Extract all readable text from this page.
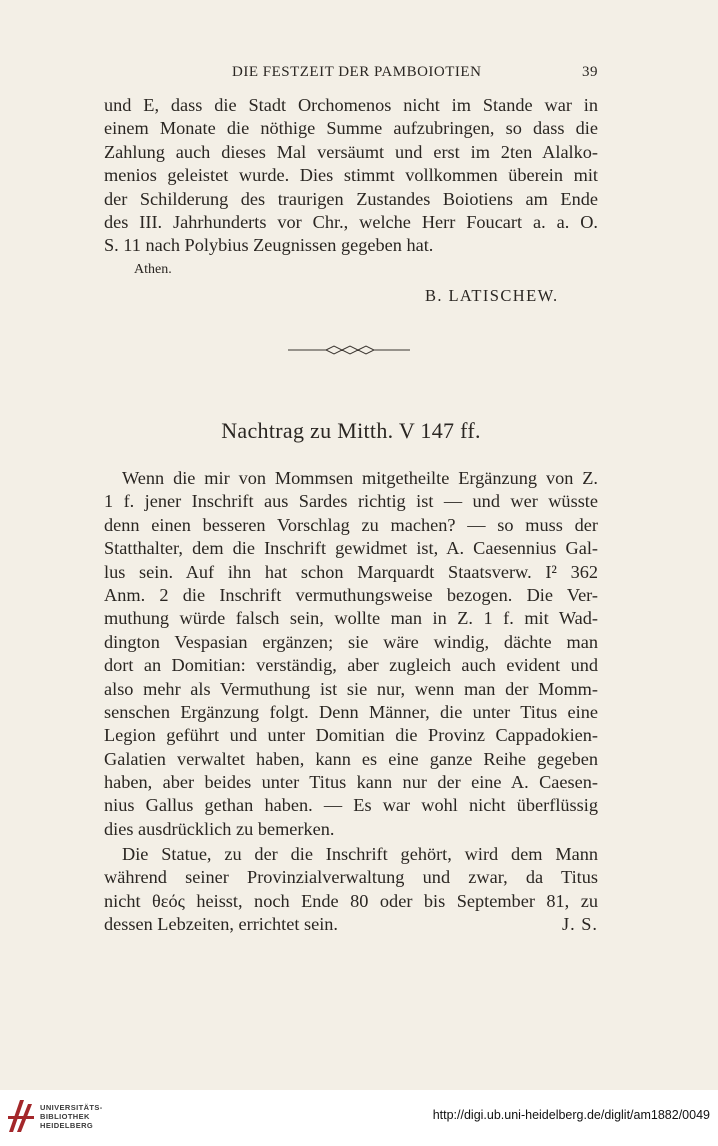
DIE FESTZEIT DER PAMBOIOTIEN	39
und E, dass die Stadt Orchomenos nicht im Stande war in
einem Monate die nöthige Summe aufzubringen, so dass die
Zahlung auch dieses Mal versäumt und erst im 2ten Alalko-
menios geleistet wurde. Dies stimmt vollkommen überein mit
der Schilderung des traurigen Zustandes Boiotiens am Ende
des III. Jahrhunderts vor Chr., welche Herr Foucart a. a. O.
S. 11 nach Polybius Zeugnissen gegeben hat.
Athen.
B. LATISCHEW.
Nachtrag zu Mitth. V 147 ff.
Wenn die mir von Mommsen mitgetheilte Ergänzung von Z.
1 f. jener Inschrift aus Sardes richtig ist — und wer wüsste
denn einen besseren Vorschlag zu machen? — so muss der
Statthalter, dem die Inschrift gewidmet ist, A. Caesennius Gal-
lus sein. Auf ihn hat schon Marquardt Staatsverw. I² 362
Anm. 2 die Inschrift vermuthungsweise bezogen. Die Ver-
muthung würde falsch sein, wollte man in Z. 1 f. mit Wad-
dington Vespasian ergänzen; sie wäre windig, dächte man
dort an Domitian: verständig, aber zugleich auch evident und
also mehr als Vermuthung ist sie nur, wenn man der Momm-
senschen Ergänzung folgt. Denn Männer, die unter Titus eine
Legion geführt und unter Domitian die Provinz Cappadokien-
Galatien verwaltet haben, kann es eine ganze Reihe gegeben
haben, aber beides unter Titus kann nur der eine A. Caesen-
nius Gallus gethan haben. — Es war wohl nicht überflüssig
dies ausdrücklich zu bemerken.
Die Statue, zu der die Inschrift gehört, wird dem Mann
während seiner Provinzialverwaltung und zwar, da Titus
nicht θεός heisst, noch Ende 80 oder bis September 81, zu
dessen Lebzeiten, errichtet sein.	J. S.
UNIVERSITÄTS-
BIBLIOTHEK
HEIDELBERG
http://digi.ub.uni-heidelberg.de/diglit/am1882/0049
